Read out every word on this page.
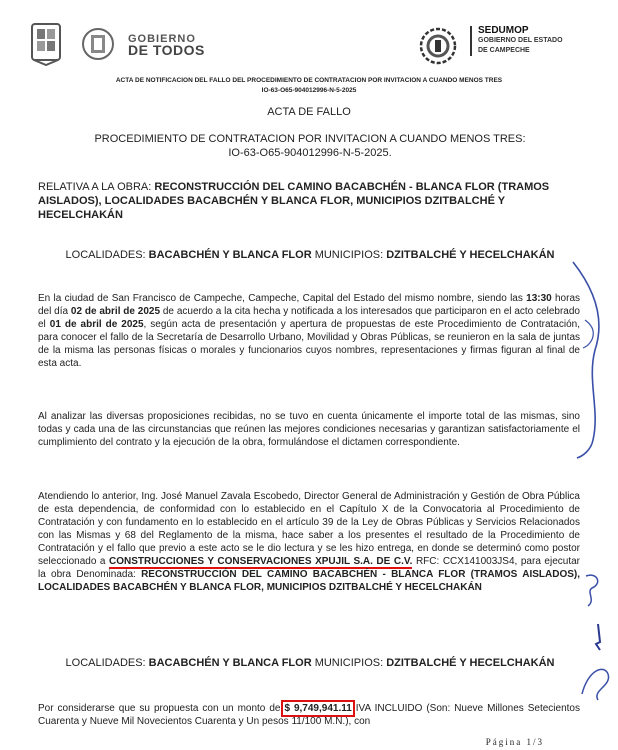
GOBIERNO
DE TODOS
SEDUMOP
GOBIERNO DEL ESTADO
DE CAMPECHE
ACTA DE NOTIFICACION DEL FALLO DEL PROCEDIMIENTO DE CONTRATACION POR INVITACION A CUANDO MENOS TRES
IO-63-O65-904012996-N-5-2025
ACTA DE FALLO
PROCEDIMIENTO DE CONTRATACION POR INVITACION A CUANDO MENOS TRES:
IO-63-O65-904012996-N-5-2025.
RELATIVA A LA OBRA: RECONSTRUCCIÓN DEL CAMINO BACABCHÉN - BLANCA FLOR (TRAMOS AISLADOS), LOCALIDADES BACABCHÉN Y BLANCA FLOR, MUNICIPIOS DZITBALCHÉ Y HECELCHAKÁN
LOCALIDADES: BACABCHÉN Y BLANCA FLOR MUNICIPIOS: DZITBALCHÉ Y HECELCHAKÁN
En la ciudad de San Francisco de Campeche, Campeche, Capital del Estado del mismo nombre, siendo las 13:30 horas del día 02 de abril de 2025 de acuerdo a la cita hecha y notificada a los interesados que participaron en el acto celebrado el 01 de abril de 2025, según acta de presentación y apertura de propuestas de este Procedimiento de Contratación, para conocer el fallo de la Secretaría de Desarrollo Urbano, Movilidad y Obras Públicas, se reunieron en la sala de juntas de la misma las personas físicas o morales y funcionarios cuyos nombres, representaciones y firmas figuran al final de esta acta.
Al analizar las diversas proposiciones recibidas, no se tuvo en cuenta únicamente el importe total de las mismas, sino todas y cada una de las circunstancias que reúnen las mejores condiciones necesarias y garantizan satisfactoriamente el cumplimiento del contrato y la ejecución de la obra, formulándose el dictamen correspondiente.
Atendiendo lo anterior, Ing. José Manuel Zavala Escobedo, Director General de Administración y Gestión de Obra Pública de esta dependencia, de conformidad con lo establecido en el Capítulo X de la Convocatoria al Procedimiento de Contratación y con fundamento en lo establecido en el artículo 39 de la Ley de Obras Públicas y Servicios Relacionados con las Mismas y 68 del Reglamento de la misma, hace saber a los presentes el resultado de la Procedimiento de Contratación y el fallo que previo a este acto se le dio lectura y se les hizo entrega, en donde se determinó como postor seleccionado a CONSTRUCCIONES Y CONSERVACIONES XPUJIL S.A. DE C.V. RFC: CCX141003JS4, para ejecutar la obra Denominada: RECONSTRUCCIÓN DEL CAMINO BACABCHÉN - BLANCA FLOR (TRAMOS AISLADOS), LOCALIDADES BACABCHÉN Y BLANCA FLOR, MUNICIPIOS DZITBALCHÉ Y HECELCHAKÁN
LOCALIDADES: BACABCHÉN Y BLANCA FLOR MUNICIPIOS: DZITBALCHÉ Y HECELCHAKÁN
Por considerarse que su propuesta con un monto de $ 9,749,941.11 IVA INCLUIDO (Son: Nueve Millones Setecientos Cuarenta y Nueve Mil Novecientos Cuarenta y Un pesos 11/100 M.N.), con
Página 1/3
